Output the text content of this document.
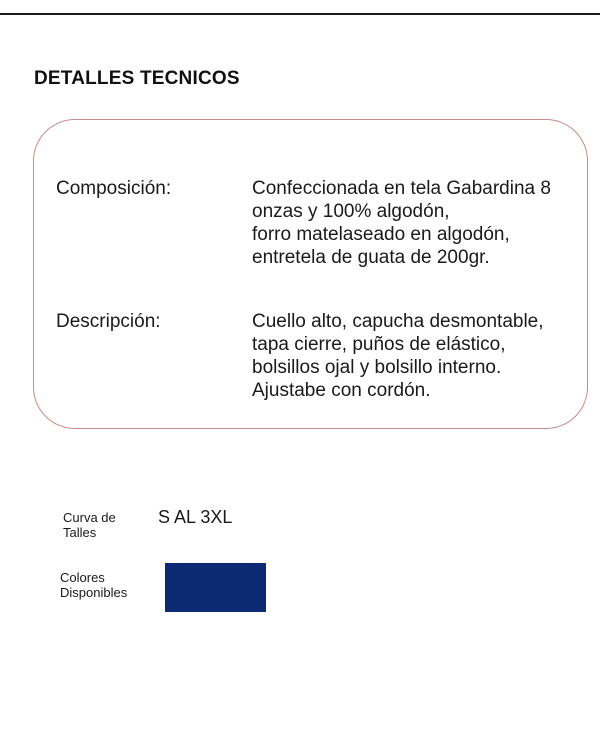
DETALLES TECNICOS
Composición:	Confeccionada en tela Gabardina 8
onzas y 100% algodón,
forro matelaseado en algodón,
entretela de guata de 200gr.
Descripción:	Cuello alto, capucha desmontable,
tapa cierre, puños de elástico,
bolsillos ojal y bolsillo interno.
Ajustabe con cordón.
Curva de
Talles
S AL 3XL
Colores
Disponibles
